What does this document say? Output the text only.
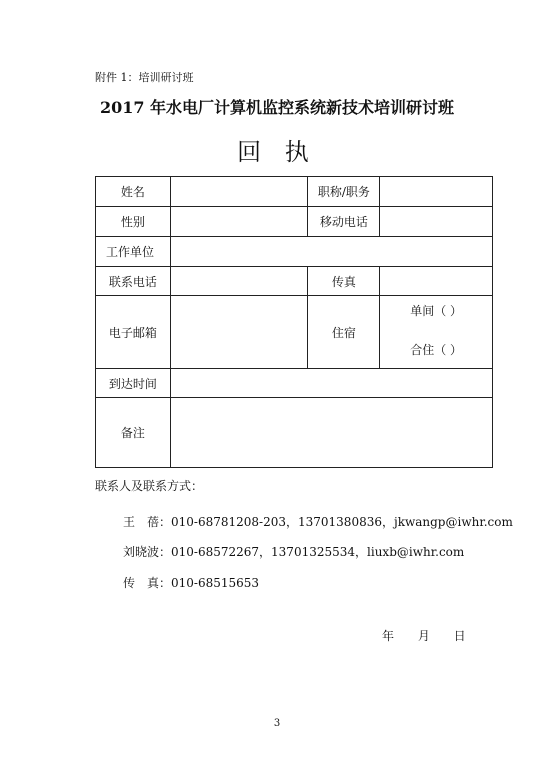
附件 1：培训研讨班
2017 年水电厂计算机监控系统新技术培训研讨班
回 执
姓名		职称/职务	
性别		移动电话	
工作单位			
联系电话		传真	
电子邮箱		住宿	单间（ ）
合住（ ）

到达时间			
备注			
联系人及联系方式：
王　蓓：010-68781208-203，13701380836，jkwangp@iwhr.com
刘晓波：010-68572267，13701325534，liuxb@iwhr.com
传　真：010-68515653
年 月 日
3
